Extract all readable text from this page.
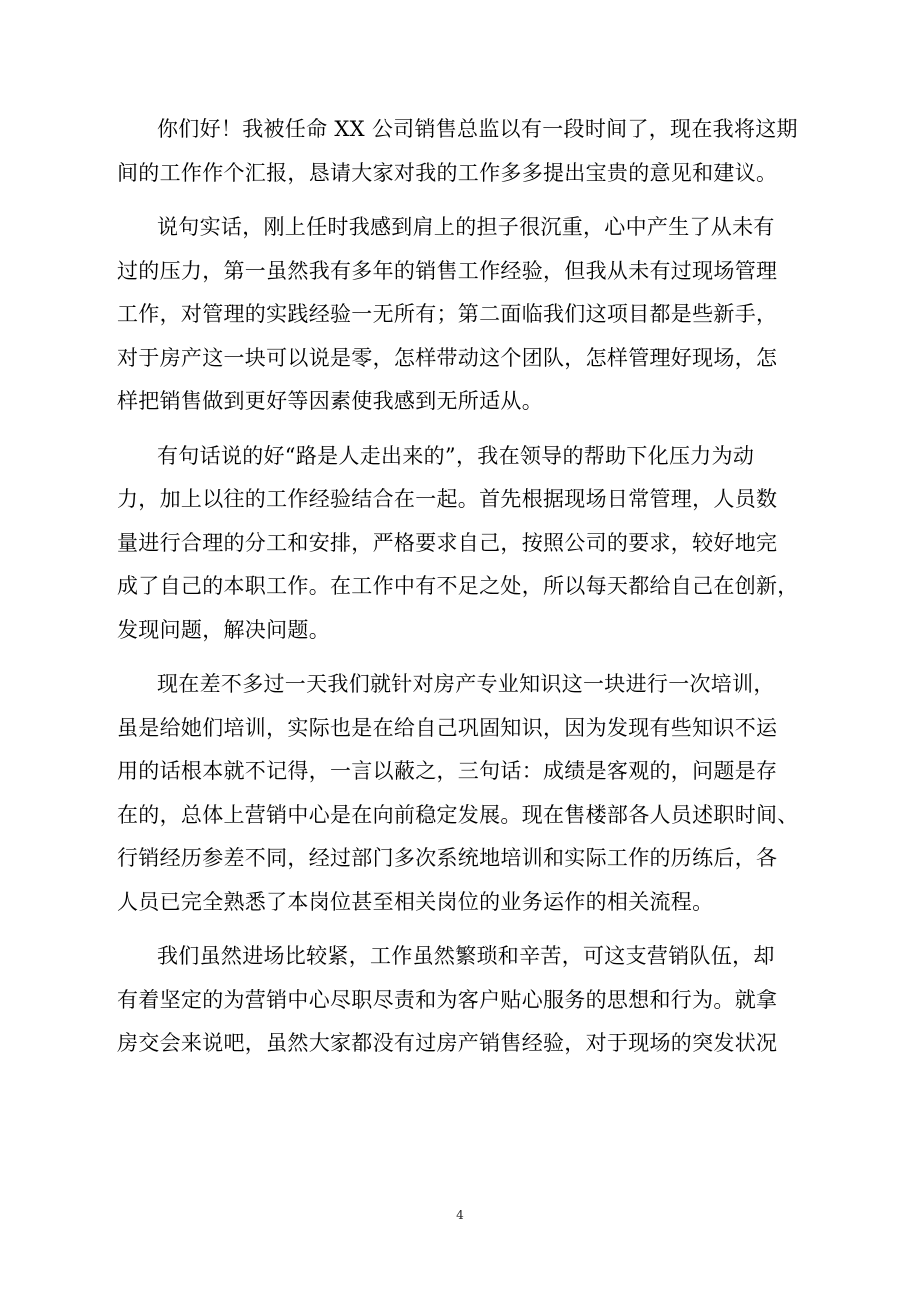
你们好！我被任命 XX 公司销售总监以有一段时间了，现在我将这期
间的工作作个汇报，恳请大家对我的工作多多提出宝贵的意见和建议。
说句实话，刚上任时我感到肩上的担子很沉重，心中产生了从未有
过的压力，第一虽然我有多年的销售工作经验，但我从未有过现场管理
工作，对管理的实践经验一无所有；第二面临我们这项目都是些新手，
对于房产这一块可以说是零，怎样带动这个团队，怎样管理好现场，怎
样把销售做到更好等因素使我感到无所适从。
有句话说的好“路是人走出来的”，我在领导的帮助下化压力为动
力，加上以往的工作经验结合在一起。首先根据现场日常管理，人员数
量进行合理的分工和安排，严格要求自己，按照公司的要求，较好地完
成了自己的本职工作。在工作中有不足之处，所以每天都给自己在创新，
发现问题，解决问题。
现在差不多过一天我们就针对房产专业知识这一块进行一次培训，
虽是给她们培训，实际也是在给自己巩固知识，因为发现有些知识不运
用的话根本就不记得，一言以蔽之，三句话：成绩是客观的，问题是存
在的，总体上营销中心是在向前稳定发展。现在售楼部各人员述职时间、
行销经历参差不同，经过部门多次系统地培训和实际工作的历练后，各
人员已完全熟悉了本岗位甚至相关岗位的业务运作的相关流程。
我们虽然进场比较紧，工作虽然繁琐和辛苦，可这支营销队伍，却
有着坚定的为营销中心尽职尽责和为客户贴心服务的思想和行为。就拿
房交会来说吧，虽然大家都没有过房产销售经验，对于现场的突发状况
4
